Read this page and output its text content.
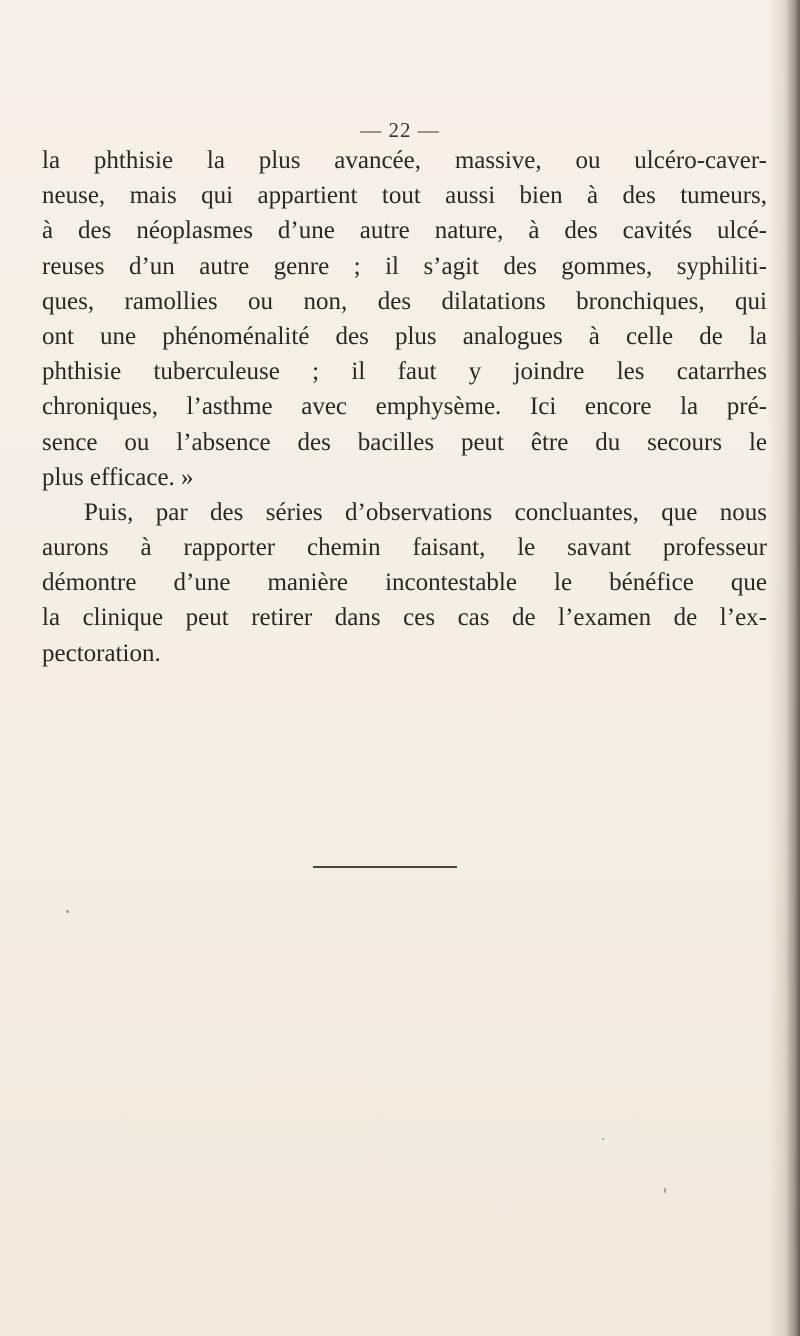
— 22 —
la phthisie la plus avancée, massive, ou ulcéro-caver-
neuse, mais qui appartient tout aussi bien à des tumeurs,
à des néoplasmes d’une autre nature, à des cavités ulcé-
reuses d’un autre genre ; il s’agit des gommes, syphiliti-
ques, ramollies ou non, des dilatations bronchiques, qui
ont une phénoménalité des plus analogues à celle de la
phthisie tuberculeuse ; il faut y joindre les catarrhes
chroniques, l’asthme avec emphysème. Ici encore la pré-
sence ou l’absence des bacilles peut être du secours le
plus efficace. »
Puis, par des séries d’observations concluantes, que nous
aurons à rapporter chemin faisant, le savant professeur
démontre d’une manière incontestable le bénéfice que
la clinique peut retirer dans ces cas de l’examen de l’ex-
pectoration.
